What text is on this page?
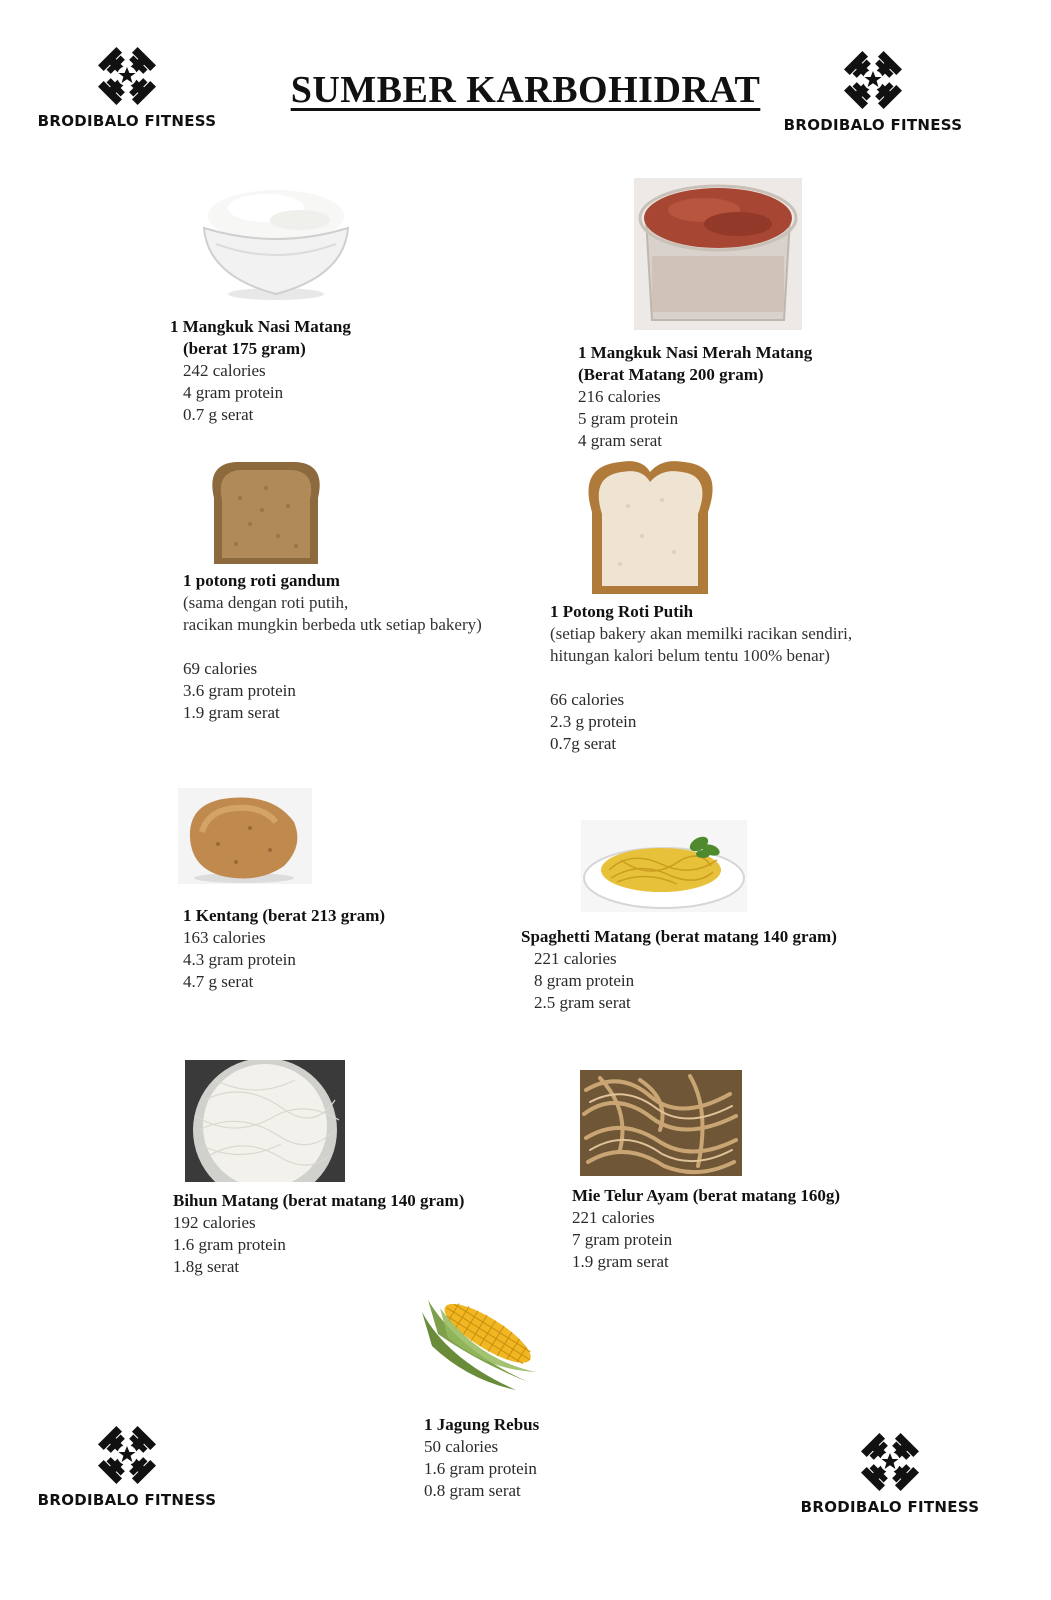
BRODIBALO FITNESS	BRODIBALO FITNESS
BRODIBALO FITNESS	BRODIBALO FITNESS
SUMBER KARBOHIDRAT
1 Mangkuk Nasi Matang
(berat 175 gram)
242 calories
4 gram protein
0.7 g serat
1 Mangkuk Nasi Merah Matang
(Berat Matang 200 gram)
216 calories
5 gram protein
4 gram serat
1 potong roti gandum
(sama dengan roti putih,
racikan mungkin berbeda utk setiap bakery)
69 calories
3.6 gram protein
1.9 gram serat
1 Potong Roti Putih
(setiap bakery akan memilki racikan sendiri,
hitungan kalori belum tentu 100% benar)
66 calories
2.3 g protein
0.7g serat
1 Kentang (berat 213 gram)
163 calories
4.3 gram protein
4.7 g serat
Spaghetti Matang (berat matang 140 gram)
221 calories
8 gram protein
2.5 gram serat
Bihun Matang (berat matang 140 gram)
192 calories
1.6 gram protein
1.8g serat
Mie Telur Ayam (berat matang 160g)
221 calories
7 gram protein
1.9 gram serat
1 Jagung Rebus
50 calories
1.6 gram protein
0.8 gram serat
